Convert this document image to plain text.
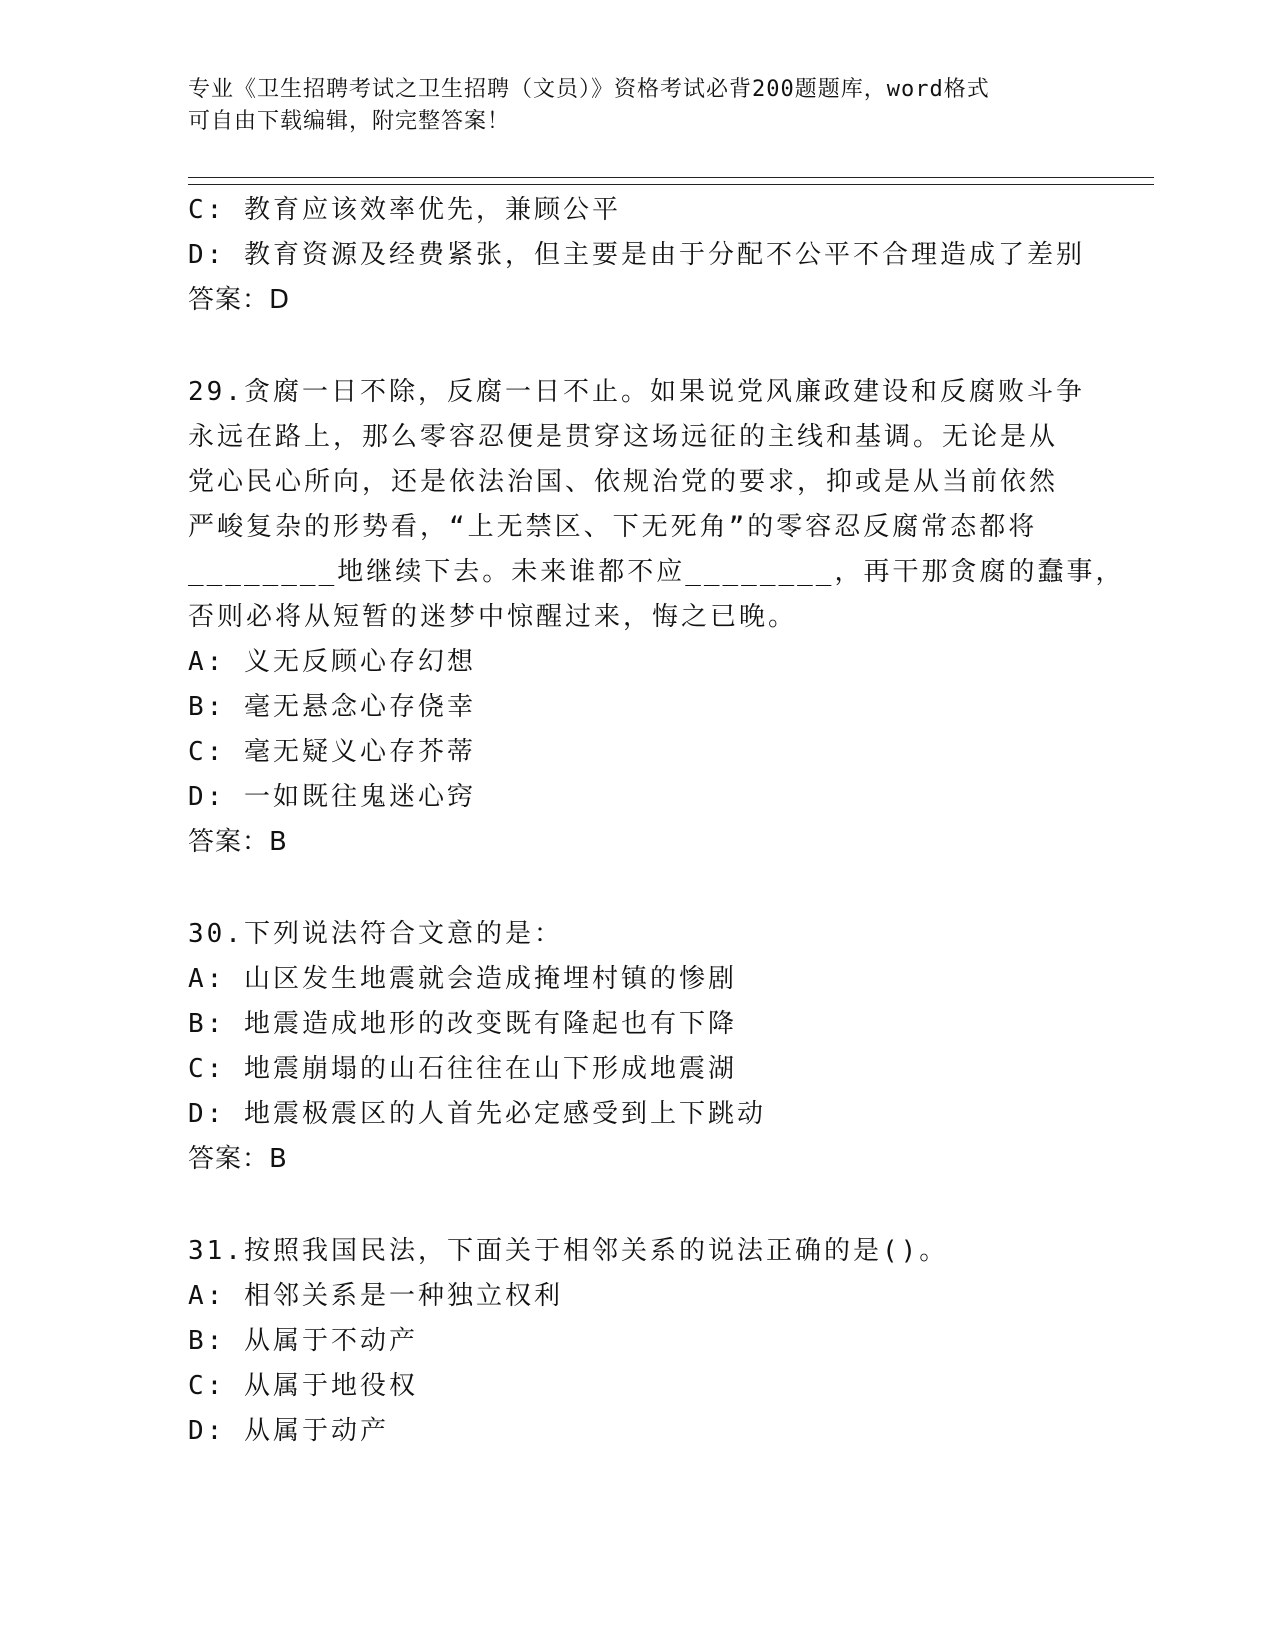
专业《卫生招聘考试之卫生招聘（文员）》资格考试必背200题题库，word格式
可自由下载编辑，附完整答案！
C: 教育应该效率优先，兼顾公平
D: 教育资源及经费紧张，但主要是由于分配不公平不合理造成了差别
答案：D
29.贪腐一日不除，反腐一日不止。如果说党风廉政建设和反腐败斗争
永远在路上，那么零容忍便是贯穿这场远征的主线和基调。无论是从
党心民心所向，还是依法治国、依规治党的要求，抑或是从当前依然
严峻复杂的形势看，“上无禁区、下无死角”的零容忍反腐常态都将
________地继续下去。未来谁都不应________，再干那贪腐的蠢事，
否则必将从短暂的迷梦中惊醒过来，悔之已晚。
A: 义无反顾心存幻想
B: 毫无悬念心存侥幸
C: 毫无疑义心存芥蒂
D: 一如既往鬼迷心窍
答案：B
30.下列说法符合文意的是：
A: 山区发生地震就会造成掩埋村镇的惨剧
B: 地震造成地形的改变既有隆起也有下降
C: 地震崩塌的山石往往在山下形成地震湖
D: 地震极震区的人首先必定感受到上下跳动
答案：B
31.按照我国民法，下面关于相邻关系的说法正确的是()。
A: 相邻关系是一种独立权利
B: 从属于不动产
C: 从属于地役权
D: 从属于动产
